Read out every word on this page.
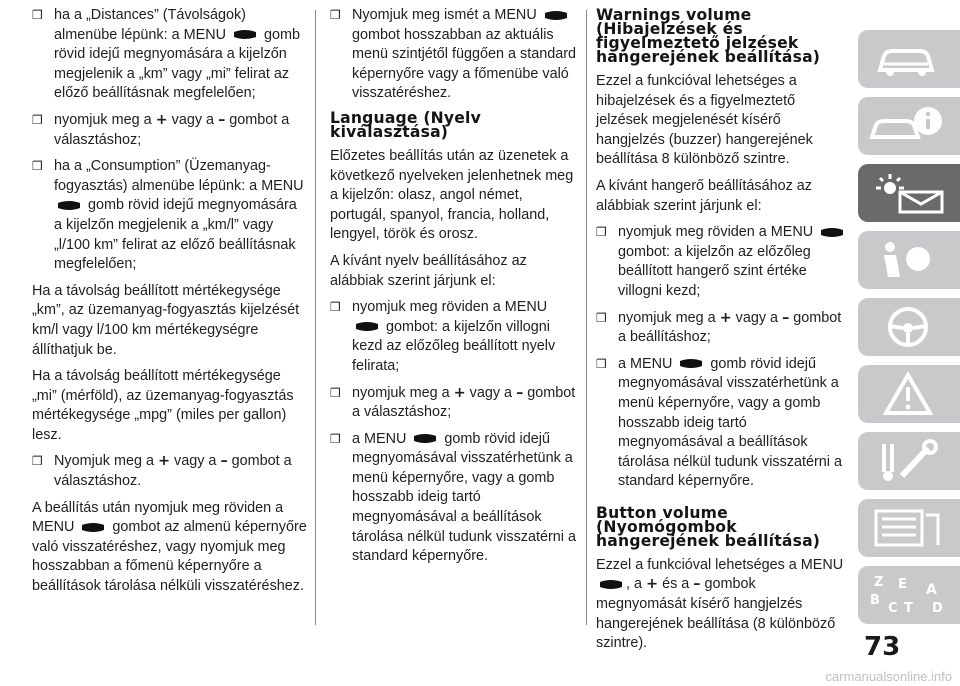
❒ ha a „Distances” (Távolságok) almenübe lépünk: a MENU	gomb rövid idejű megnyomására a kijelzőn megjelenik a „km” vagy „mi” felirat az előző beállításnak megfelelően;
❒ nyomjuk meg a + vagy a – gombot a választáshoz;
❒ ha a „Consumption” (Üzemanyag-fogyasztás) almenübe lépünk: a MENU
gomb rövid idejű megnyomására a kijelzőn megjelenik a „km/l” vagy „l/100 km” felirat az előző beállításnak megfelelően;

Ha a távolság beállított mértékegysége „km”, az üzemanyag-fogyasztás kijelzését km/l vagy l/100 km mértékegységre állíthatjuk be.

Ha a távolság beállított mértékegysége „mi” (mérföld), az üzemanyag-fogyasztás mértékegysége „mpg” (miles per gallon) lesz.

❒ Nyomjuk meg a + vagy a – gombot a választáshoz.

A beállítás után nyomjuk meg röviden a MENU	gombot az almenü képernyőre való visszatéréshez, vagy nyomjuk meg hosszabban a főmenü képernyőre a beállítások tárolása nélküli visszatéréshez.

❒ Nyomjuk meg ismét a MENU
gombot hosszabban az aktuális menü szintjétől függően a standard képernyőre vagy a főmenübe való visszatéréshez.
Language (Nyelv kiválasztása)

Előzetes beállítás után az üzenetek a következő nyelveken jelenhetnek meg a kijelzőn: olasz, angol német, portugál, spanyol, francia, holland, lengyel, török és orosz.

A kívánt nyelv beállításához az alábbiak szerint járjunk el:

❒ nyomjuk meg röviden a MENU
gombot: a kijelzőn villogni kezd az előzőleg beállított nyelv felirata;
❒ nyomjuk meg a + vagy a – gombot a választáshoz;
❒ a MENU	gomb rövid idejű megnyomásával visszatérhetünk a menü képernyőre, vagy a gomb hosszabb ideig tartó megnyomásával a beállítások tárolása nélkül tudunk visszatérni a standard képernyőre.
Warnings volume (Hibajelzések és figyelmeztető jelzések hangerejének beállítása)

Ezzel a funkcióval lehetséges a hibajelzések és a figyelmeztető jelzések megjelenését kísérő hangjelzés (buzzer) hangerejének beállítása 8 különböző szintre.

A kívánt hangerő beállításához az alábbiak szerint járjunk el:

❒ nyomjuk meg röviden a MENU
gombot: a kijelzőn az előzőleg beállított hangerő szint értéke villogni kezd;
❒ nyomjuk meg a + vagy a – gombot a beállításhoz;
❒ a MENU	gomb rövid idejű megnyomásával visszatérhetünk a menü képernyőre, vagy a gomb hosszabb ideig tartó megnyomásával a beállítások tárolása nélkül tudunk visszatérni a standard képernyőre.
Button volume (Nyomógombok hangerejének beállítása)

Ezzel a funkcióval lehetséges a MENU
, a + és a – gombok megnyomását kísérő hangjelzés hangerejének beállítása (8 különböző szintre).

Z E A
B
C T D
73
carmanualsonline.info
